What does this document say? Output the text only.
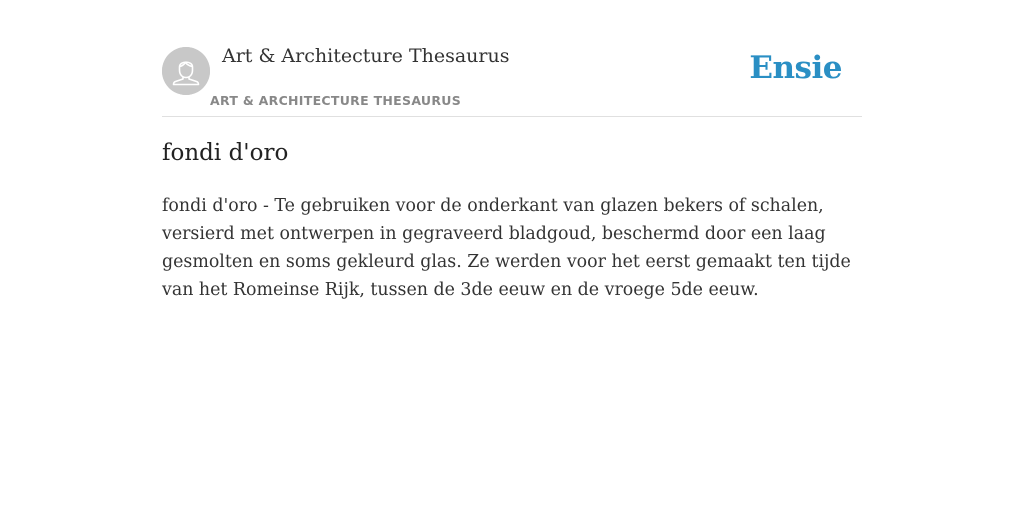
Art & Architecture Thesaurus
ART & ARCHITECTURE THESAURUS
Ensie
fondi d'oro

fondi d'oro - Te gebruiken voor de onderkant van glazen bekers of schalen, versierd met ontwerpen in gegraveerd bladgoud, beschermd door een laag gesmolten en soms gekleurd glas. Ze werden voor het eerst gemaakt ten tijde van het Romeinse Rijk, tussen de 3de eeuw en de vroege 5de eeuw.
